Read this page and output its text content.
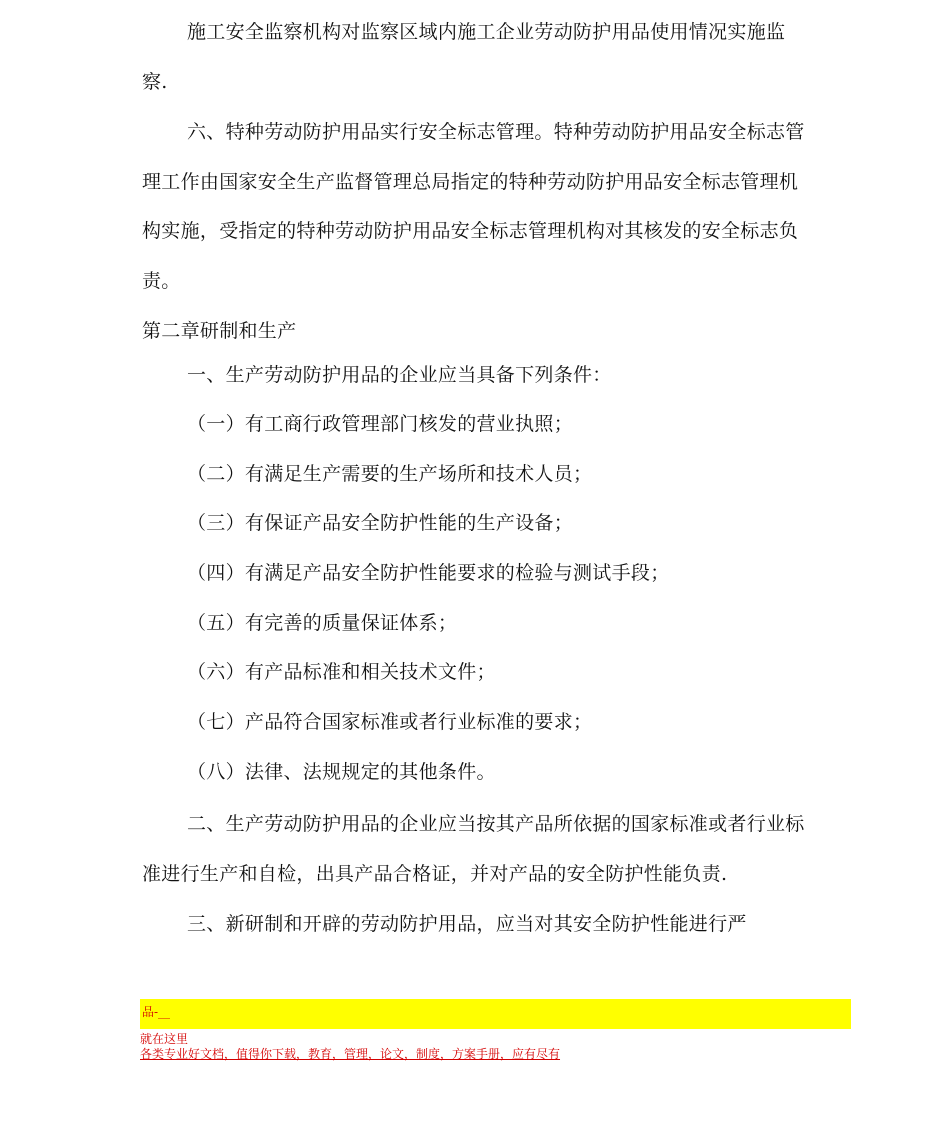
施工安全监察机构对监察区域内施工企业劳动防护用品使用情况实施监
察.
六、特种劳动防护用品实行安全标志管理。特种劳动防护用品安全标志管
理工作由国家安全生产监督管理总局指定的特种劳动防护用品安全标志管理机
构实施，受指定的特种劳动防护用品安全标志管理机构对其核发的安全标志负
责。
第二章研制和生产
一、生产劳动防护用品的企业应当具备下列条件：
（一）有工商行政管理部门核发的营业执照；
（二）有满足生产需要的生产场所和技术人员；
（三）有保证产品安全防护性能的生产设备；
（四）有满足产品安全防护性能要求的检验与测试手段；
（五）有完善的质量保证体系；
（六）有产品标准和相关技术文件；
（七）产品符合国家标准或者行业标准的要求；
（八）法律、法规规定的其他条件。
二、生产劳动防护用品的企业应当按其产品所依据的国家标准或者行业标
准进行生产和自检，出具产品合格证，并对产品的安全防护性能负责.
三、新研制和开辟的劳动防护用品，应当对其安全防护性能进行严
品-__
就在这里
各类专业好文档，值得你下载，教育，管理，论文，制度，方案手册，应有尽有
